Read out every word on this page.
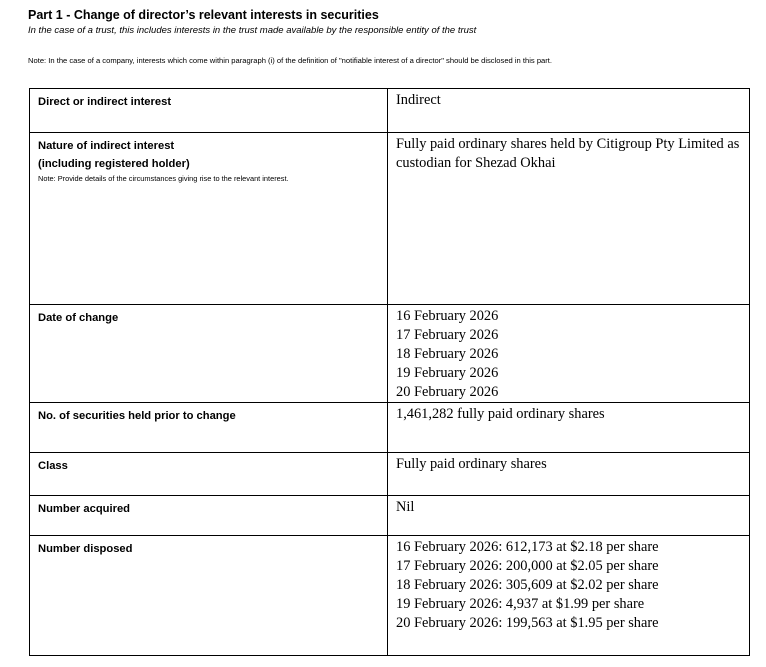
Part 1 - Change of director’s relevant interests in securities
In the case of a trust, this includes interests in the trust made available by the responsible entity of the trust
Note: In the case of a company, interests which come within paragraph (i) of the definition of "notifiable interest of a director" should be disclosed in this part.
Direct or indirect interest	Indirect

Nature of indirect interest
(including registered holder)
Note: Provide details of the circumstances giving rise to the relevant interest.	Fully paid ordinary shares held by Citigroup Pty Limited as custodian for Shezad Okhai
Date of change	16 February 2026
17 February 2026
18 February 2026
19 February 2026
20 February 2026

No. of securities held prior to change	1,461,282 fully paid ordinary shares
Class	Fully paid ordinary shares
Number acquired	Nil
Number disposed	16 February 2026: 612,173 at $2.18 per share
17 February 2026: 200,000 at $2.05 per share
18 February 2026: 305,609 at $2.02 per share
19 February 2026: 4,937 at $1.99 per share
20 February 2026: 199,563 at $1.95 per share
